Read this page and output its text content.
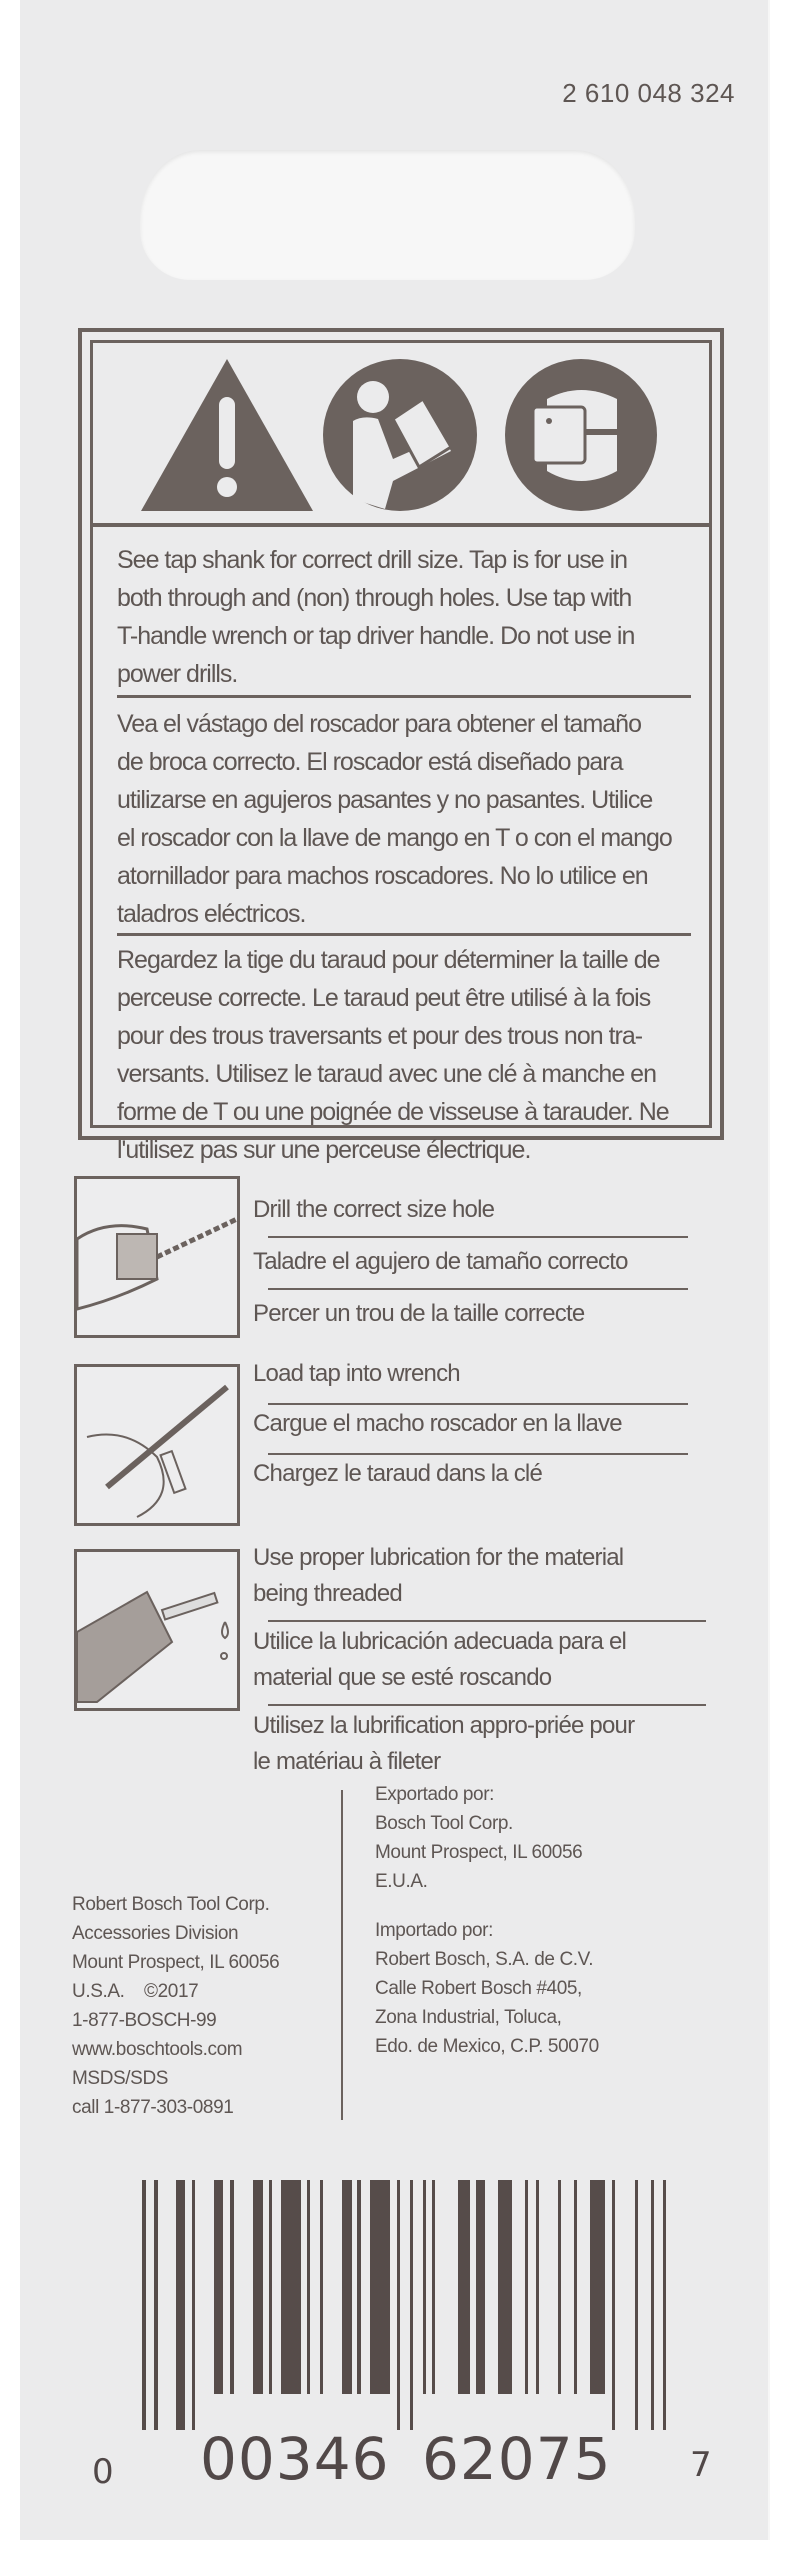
2 610 048 324
See tap shank for correct drill size. Tap is for use in
both through and (non) through holes. Use tap with
T-handle wrench or tap driver handle. Do not use in
power drills.
Vea el vástago del roscador para obtener el tamaño
de broca correcto. El roscador está diseñado para
utilizarse en agujeros pasantes y no pasantes. Utilice
el roscador con la llave de mango en T o con el mango
atornillador para machos roscadores. No lo utilice en
taladros eléctricos.
Regardez la tige du taraud pour déterminer la taille de
perceuse correcte. Le taraud peut être utilisé à la fois
pour des trous traversants et pour des trous non tra-
versants. Utilisez le taraud avec une clé à manche en
forme de T ou une poignée de visseuse à tarauder. Ne
l'utilisez pas sur une perceuse électrique.
Drill the correct size hole
Taladre el agujero de tamaño correcto
Percer un trou de la taille correcte
Load tap into wrench
Cargue el macho roscador en la llave
Chargez le taraud dans la clé
Use proper lubrication for the material
being threaded
Utilice la lubricación adecuada para el
material que se esté roscando
Utilisez la lubrification appro-priée pour
le matériau à fileter
Robert Bosch Tool Corp.
Accessories Division
Mount Prospect, IL 60056
U.S.A.    ©2017
1-877-BOSCH-99
www.boschtools.com
MSDS/SDS
call 1-877-303-0891
Exportado por:
Bosch Tool Corp.
Mount Prospect, IL 60056
E.U.A.
Importado por:
Robert Bosch, S.A. de C.V.
Calle Robert Bosch #405,
Zona Industrial, Toluca,
Edo. de Mexico, C.P. 50070
0 00346 62075 7
